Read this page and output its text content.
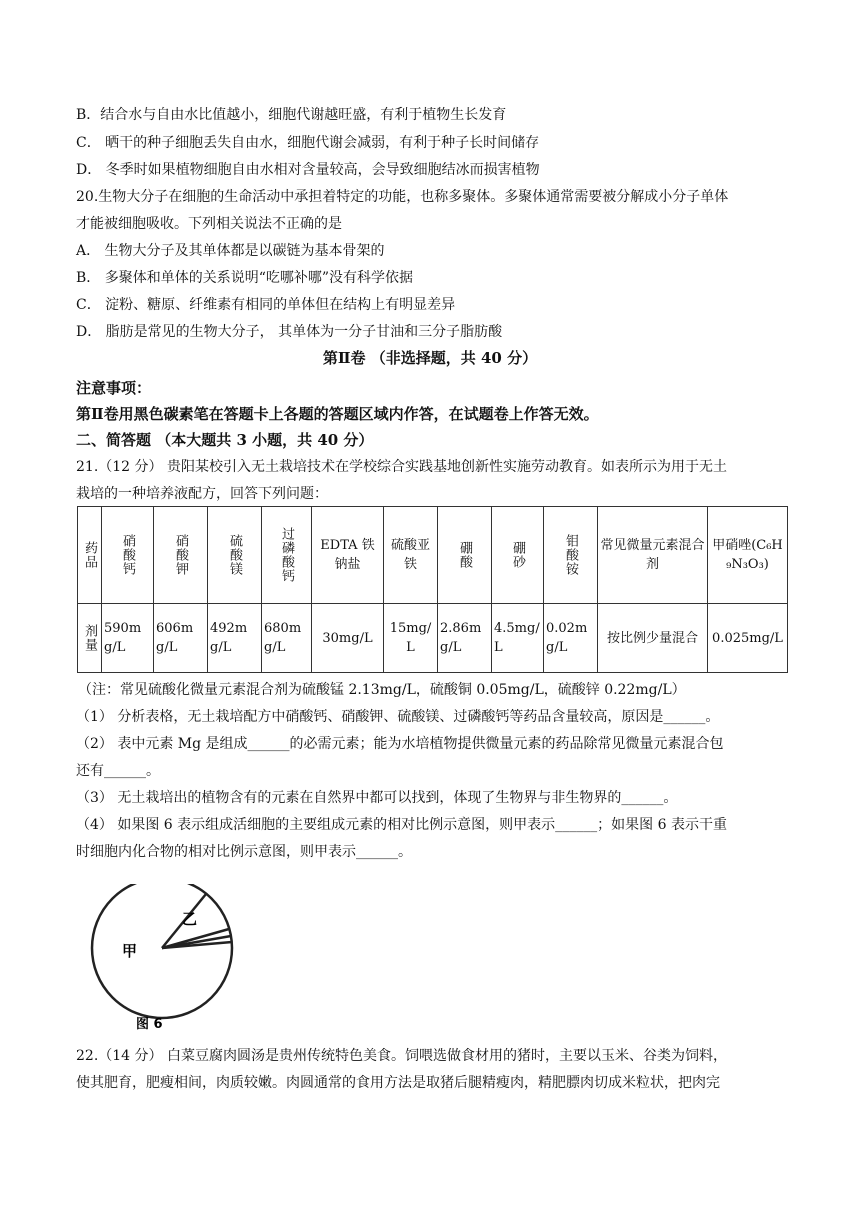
B．结合水与自由水比值越小，细胞代谢越旺盛，有利于植物生长发育
C． 晒干的种子细胞丢失自由水，细胞代谢会减弱，有利于种子长时间储存
D． 冬季时如果植物细胞自由水相对含量较高，会导致细胞结冰而损害植物
20.生物大分子在细胞的生命活动中承担着特定的功能，也称多聚体。多聚体通常需要被分解成小分子单体
才能被细胞吸收。下列相关说法不正确的是
A． 生物大分子及其单体都是以碳链为基本骨架的
B． 多聚体和单体的关系说明“吃哪补哪”没有科学依据
C． 淀粉、糖原、纤维素有相同的单体但在结构上有明显差异
D． 脂肪是常见的生物大分子， 其单体为一分子甘油和三分子脂肪酸
第Ⅱ卷 （非选择题，共 40 分）
注意事项：
第Ⅱ卷用黑色碳素笔在答题卡上各题的答题区域内作答，在试题卷上作答无效。
二、简答题 （本大题共 3 小题，共 40 分）
21.（12 分） 贵阳某校引入无土栽培技术在学校综合实践基地创新性实施劳动教育。如表所示为用于无土
栽培的一种培养液配方，回答下列问题：
药品	硝酸钙	硝酸钾	硫酸镁	过磷酸钙	EDTA 铁钠盐	硫酸亚铁	硼酸	硼砂	钼酸铵	常见微量元素混合剂	甲硝唑(C₆H₉N₃O₃)

剂量	590mg/L	606mg/L	492mg/L	680mg/L	30mg/L	15mg/L	2.86mg/L	4.5mg/L	0.02mg/L	按比例少量混合	0.025mg/L
（注：常见硫酸化微量元素混合剂为硫酸锰 2.13mg/L，硫酸铜 0.05mg/L，硫酸锌 0.22mg/L）
（1） 分析表格，无土栽培配方中硝酸钙、硝酸钾、硫酸镁、过磷酸钙等药品含量较高，原因是______。
（2） 表中元素 Mg 是组成______的必需元素；能为水培植物提供微量元素的药品除常见微量元素混合包
还有______。
（3） 无土栽培出的植物含有的元素在自然界中都可以找到，体现了生物界与非生物界的______。
（4） 如果图 6 表示组成活细胞的主要组成元素的相对比例示意图，则甲表示______；如果图 6 表示干重
时细胞内化合物的相对比例示意图，则甲表示______。
乙
甲
图 6
22.（14 分） 白菜豆腐肉圆汤是贵州传统特色美食。饲喂选做食材用的猪时，主要以玉米、谷类为饲料，
使其肥育，肥瘦相间，肉质较嫩。肉圆通常的食用方法是取猪后腿精瘦肉，精肥膘肉切成米粒状，把肉完
